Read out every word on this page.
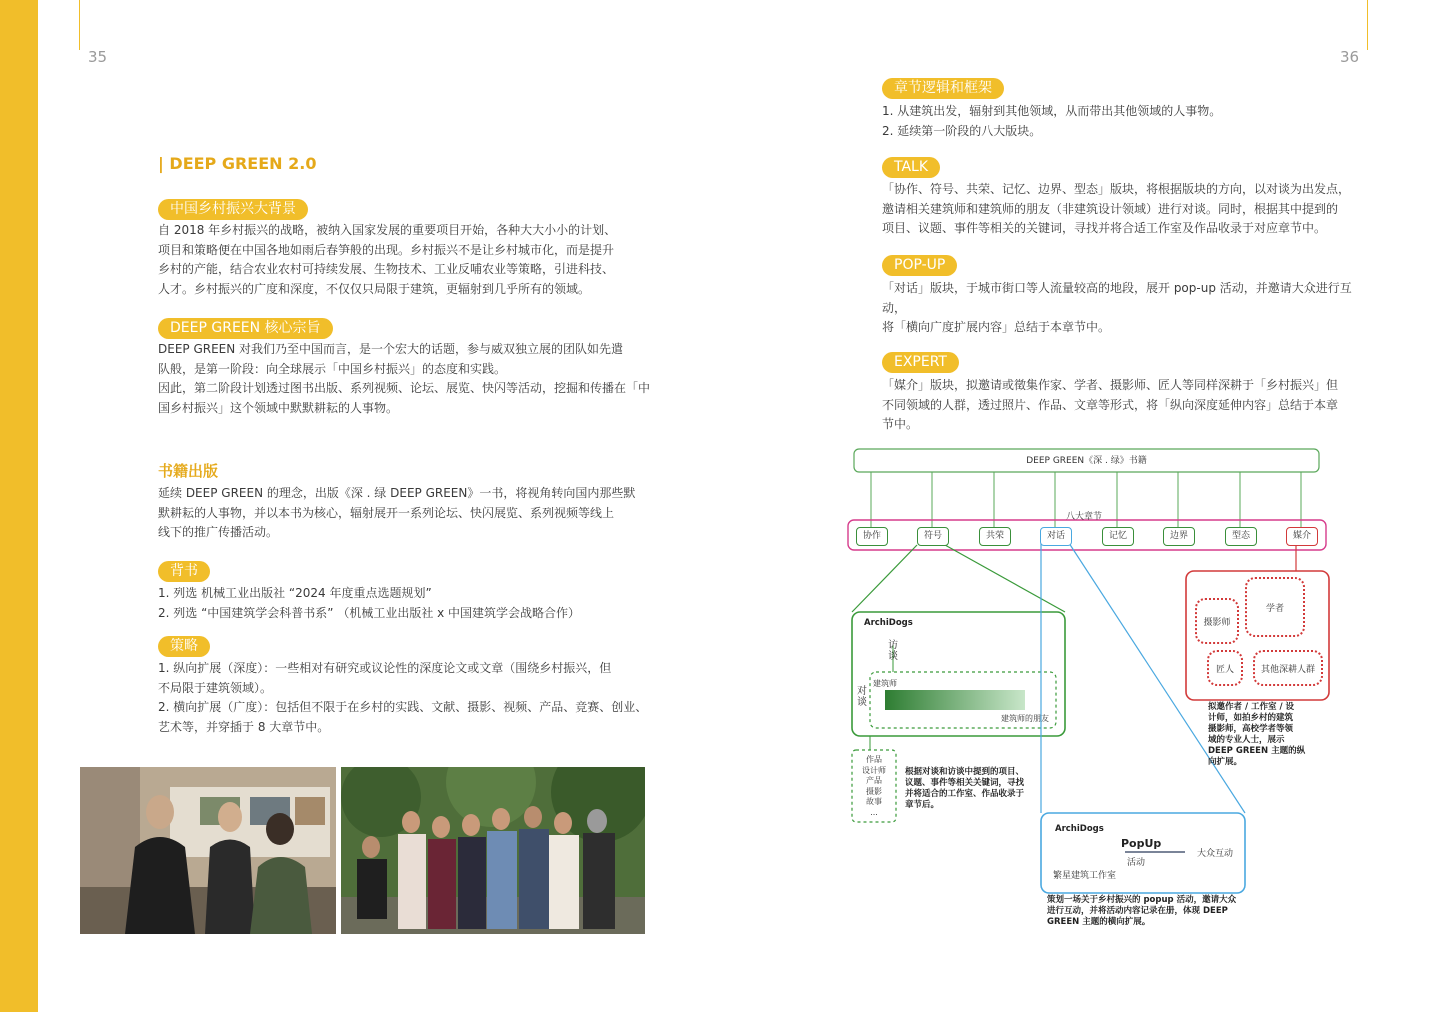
35	36
| DEEP GREEN 2.0
中国乡村振兴大背景

自 2018 年乡村振兴的战略，被纳入国家发展的重要项目开始，各种大大小小的计划、

项目和策略便在中国各地如雨后春笋般的出现。乡村振兴不是让乡村城市化，而是提升

乡村的产能，结合农业农村可持续发展、生物技术、工业反哺农业等策略，引进科技、

人才。乡村振兴的广度和深度，不仅仅只局限于建筑，更辐射到几乎所有的领域。

DEEP GREEN 核心宗旨

DEEP GREEN 对我们乃至中国而言，是一个宏大的话题，参与威双独立展的团队如先遣

队般，是第一阶段：向全球展示「中国乡村振兴」的态度和实践。

因此，第二阶段计划透过图书出版、系列视频、论坛、展览、快闪等活动，挖掘和传播在「中

国乡村振兴」这个领域中默默耕耘的人事物。

书籍出版

延续 DEEP GREEN 的理念，出版《深 . 绿 DEEP GREEN》一书，将视角转向国内那些默

默耕耘的人事物，并以本书为核心，辐射展开一系列论坛、快闪展览、系列视频等线上

线下的推广传播活动。

背书

1. 列选 机械工业出版社 “2024 年度重点选题规划”

2. 列选 “中国建筑学会科普书系” （机械工业出版社 x 中国建筑学会战略合作）

策略

1. 纵向扩展（深度）：一些相对有研究或议论性的深度论文或文章（围绕乡村振兴，但

不局限于建筑领域）。

2. 横向扩展（广度）：包括但不限于在乡村的实践、文献、摄影、视频、产品、竞赛、创业、

艺术等，并穿插于 8 大章节中。

章节逻辑和框架

1. 从建筑出发，辐射到其他领域，从而带出其他领域的人事物。

2. 延续第一阶段的八大版块。

TALK

「协作、符号、共荣、记忆、边界、型态」版块，将根据版块的方向，以对谈为出发点，

邀请相关建筑师和建筑师的朋友（非建筑设计领域）进行对谈。同时，根据其中提到的

项目、议题、事件等相关的关键词，寻找并将合适工作室及作品收录于对应章节中。

POP-UP

「对话」版块，于城市街口等人流量较高的地段，展开 pop-up 活动，并邀请大众进行互动，

将「横向广度扩展内容」总结于本章节中。

EXPERT

「媒介」版块，拟邀请或徵集作家、学者、摄影师、匠人等同样深耕于「乡村振兴」但

不同领域的人群，透过照片、作品、文章等形式，将「纵向深度延伸内容」总结于本章

节中。

DEEP GREEN《深 . 绿》书籍
八大章节
协作	符号	共荣	对话	记忆	边界	型态	媒介
ArchiDogs
访谈
对谈
建筑师
建筑师的朋友
作品
设计师
产品
摄影
故事
...
根据对谈和访谈中提到的项目、
议题、事件等相关关键词，寻找
并将适合的工作室、作品收录于
章节后。
学者
摄影师
匠人	其他深耕人群
拟邀作者 / 工作室 / 设
计师，如拍乡村的建筑
摄影师，高校学者等领
域的专业人士，展示
DEEP GREEN 主题的纵
向扩展。
ArchiDogs
PopUp
活动
大众互动
繁星建筑工作室
策划一场关于乡村振兴的 popup 活动，邀请大众
进行互动，并将活动内容记录在册，体现 DEEP
GREEN 主题的横向扩展。
